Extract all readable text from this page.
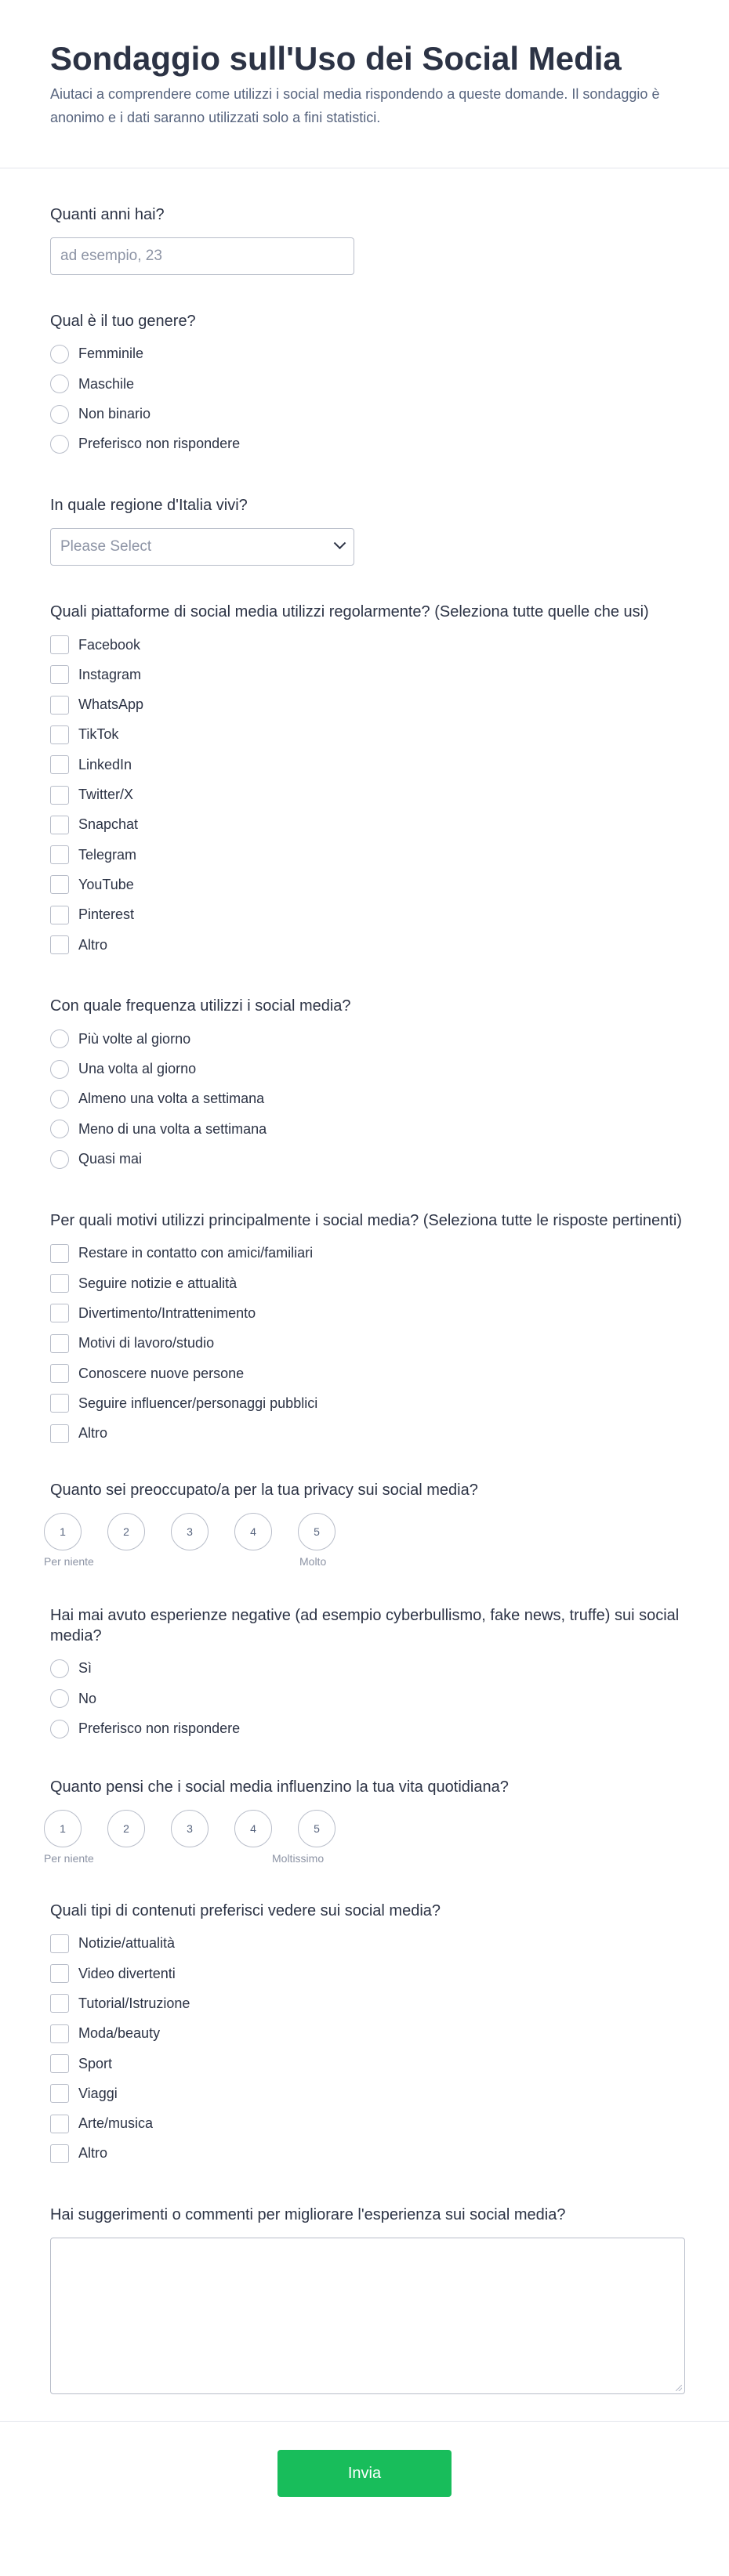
Sondaggio sull'Uso dei Social Media

Aiutaci a comprendere come utilizzi i social media rispondendo a queste domande. Il sondaggio è anonimo e i dati saranno utilizzati solo a fini statistici.

Quanti anni hai?
ad esempio, 23
Qual è il tuo genere?
Femminile
Maschile
Non binario
Preferisco non rispondere
In quale regione d'Italia vivi?
Please Select
Quali piattaforme di social media utilizzi regolarmente? (Seleziona tutte quelle che usi)
Facebook
Instagram
WhatsApp
TikTok
LinkedIn
Twitter/X
Snapchat
Telegram
YouTube
Pinterest
Altro
Con quale frequenza utilizzi i social media?
Più volte al giorno
Una volta al giorno
Almeno una volta a settimana
Meno di una volta a settimana
Quasi mai
Per quali motivi utilizzi principalmente i social media? (Seleziona tutte le risposte pertinenti)
Restare in contatto con amici/familiari
Seguire notizie e attualità
Divertimento/Intrattenimento
Motivi di lavoro/studio
Conoscere nuove persone
Seguire influencer/personaggi pubblici
Altro
Quanto sei preoccupato/a per la tua privacy sui social media?
1	2	3	4	5
Per niente	Molto
Hai mai avuto esperienze negative (ad esempio cyberbullismo, fake news, truffe) sui social media?
Sì
No
Preferisco non rispondere
Quanto pensi che i social media influenzino la tua vita quotidiana?
1	2	3	4	5
Per niente	Moltissimo
Quali tipi di contenuti preferisci vedere sui social media?
Notizie/attualità
Video divertenti
Tutorial/Istruzione
Moda/beauty
Sport
Viaggi
Arte/musica
Altro
Hai suggerimenti o commenti per migliorare l'esperienza sui social media?
Invia
